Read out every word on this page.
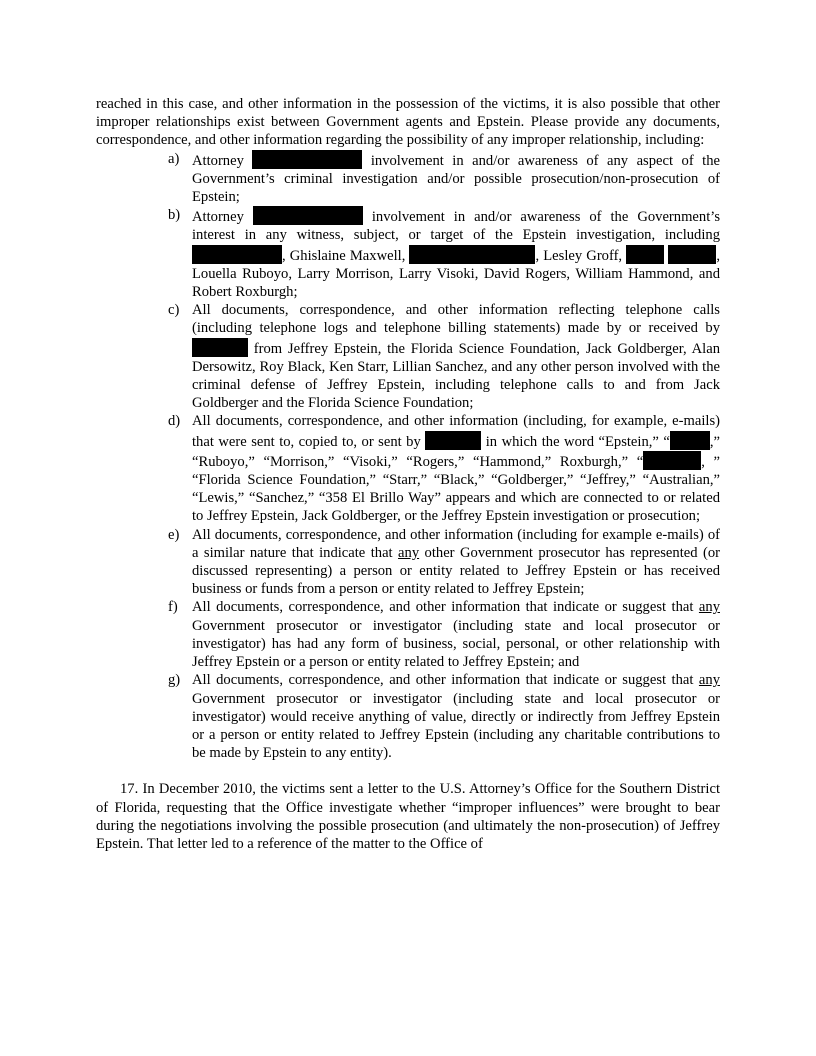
reached in this case, and other information in the possession of the victims, it is also possible that other improper relationships exist between Government agents and Epstein. Please provide any documents, correspondence, and other information regarding the possibility of any improper relationship, including:

a) Attorney	involvement in and/or awareness of any aspect of the Government’s criminal investigation and/or possible prosecution/non-prosecution of Epstein;
b) Attorney	involvement in and/or awareness of the Government’s interest in any witness, subject, or target of the Epstein investigation, including , Ghislaine Maxwell,	, Lesley Groff,	, Louella Ruboyo, Larry Morrison, Larry Visoki, David Rogers, William Hammond, and Robert Roxburgh;
c) All documents, correspondence, and other information reflecting telephone calls (including telephone logs and telephone billing statements) made by or received by  from Jeffrey Epstein, the Florida Science Foundation, Jack Goldberger, Alan Dersowitz, Roy Black, Ken Starr, Lillian Sanchez, and any other person involved with the criminal defense of Jeffrey Epstein, including telephone calls to and from Jack Goldberger and the Florida Science Foundation;
d) All documents, correspondence, and other information (including, for example, e-mails) that were sent to, copied to, or sent by	in which the word “Epstein,” “	,” “Ruboyo,” “Morrison,” “Visoki,” “Rogers,” “Hammond,” Roxburgh,” “	, ” “Florida Science Foundation,” “Starr,” “Black,” “Goldberger,” “Jeffrey,” “Australian,” “Lewis,” “Sanchez,” “358 El Brillo Way” appears and which are connected to or related to Jeffrey Epstein, Jack Goldberger, or the Jeffrey Epstein investigation or prosecution;
e) All documents, correspondence, and other information (including for example e-mails) of a similar nature that indicate that any other Government prosecutor has represented (or discussed representing) a person or entity related to Jeffrey Epstein or has received business or funds from a person or entity related to Jeffrey Epstein;
f) All documents, correspondence, and other information that indicate or suggest that any Government prosecutor or investigator (including state and local prosecutor or investigator) has had any form of business, social, personal, or other relationship with Jeffrey Epstein or a person or entity related to Jeffrey Epstein; and
g) All documents, correspondence, and other information that indicate or suggest that any Government prosecutor or investigator (including state and local prosecutor or investigator) would receive anything of value, directly or indirectly from Jeffrey Epstein or a person or entity related to Jeffrey Epstein (including any charitable contributions to be made by Epstein to any entity).

17. In December 2010, the victims sent a letter to the U.S. Attorney’s Office for the Southern District of Florida, requesting that the Office investigate whether “improper influences” were brought to bear during the negotiations involving the possible prosecution (and ultimately the non-prosecution) of Jeffrey Epstein. That letter led to a reference of the matter to the Office of
